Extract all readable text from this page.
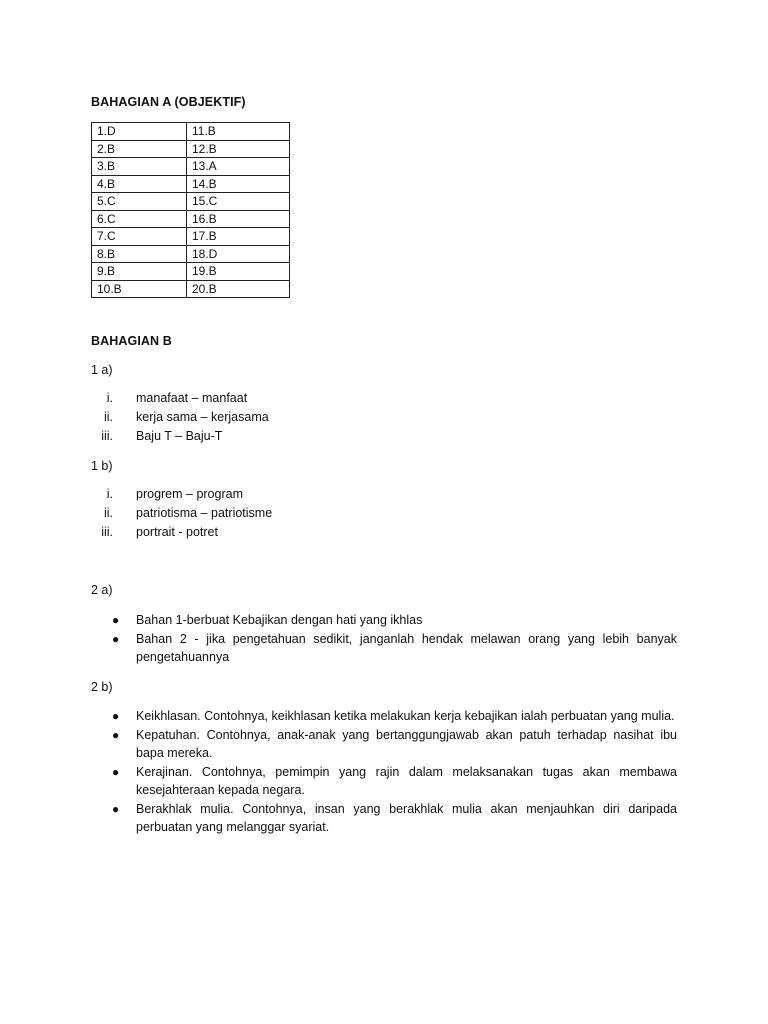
BAHAGIAN A (OBJEKTIF)
1.D	11.B
2.B	12.B
3.B	13.A
4.B	14.B
5.C	15.C
6.C	16.B
7.C	17.B
8.B	18.D
9.B	19.B
10.B	20.B
BAHAGIAN B
1 a)
i. manafaat – manfaat
ii. kerja sama – kerjasama
iii. Baju T – Baju-T
1 b)
i. progrem – program
ii. patriotisma – patriotisme
iii. portrait - potret
2 a)
● Bahan 1-berbuat Kebajikan dengan hati yang ikhlas
● Bahan 2 - jika pengetahuan sedikit, janganlah hendak melawan orang yang lebih banyak pengetahuannya
2 b)
● Keikhlasan. Contohnya, keikhlasan ketika melakukan kerja kebajikan ialah perbuatan yang mulia.
● Kepatuhan. Contohnya, anak-anak yang bertanggungjawab akan patuh terhadap nasihat ibu bapa mereka.
● Kerajinan. Contohnya, pemimpin yang rajin dalam melaksanakan tugas akan membawa kesejahteraan kepada negara.
● Berakhlak mulia. Contohnya, insan yang berakhlak mulia akan menjauhkan diri daripada perbuatan yang melanggar syariat.
